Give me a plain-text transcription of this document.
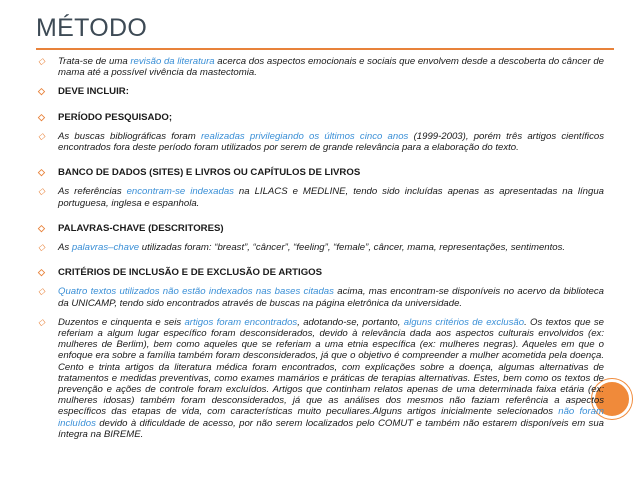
MÉTODO
◇ Trata-se de uma revisão da literatura acerca dos aspectos emocionais e sociais que envolvem desde a descoberta do câncer de mama até a possível vivência da mastectomia.
◇ DEVE INCLUIR:
◇ PERÍODO PESQUISADO;
◇ As buscas bibliográficas foram realizadas privilegiando os últimos cinco anos (1999-2003), porém três artigos científicos encontrados fora deste período foram utilizados por serem de grande relevância para a elaboração do texto.
◇ BANCO DE DADOS (SITES) E LIVROS OU CAPÍTULOS DE LIVROS
◇ As referências encontram-se indexadas na LILACS e MEDLINE, tendo sido incluídas apenas as apresentadas na língua portuguesa, inglesa e espanhola.
◇ PALAVRAS-CHAVE (DESCRITORES)
◇ As palavras–chave utilizadas foram: “breast”, “câncer”, “feeling”, “female”, câncer, mama, representações, sentimentos.
◇ CRITÉRIOS DE INCLUSÃO E DE EXCLUSÃO DE ARTIGOS
◇ Quatro textos utilizados não estão indexados nas bases citadas acima, mas encontram-se disponíveis no acervo da biblioteca da UNICAMP, tendo sido encontrados através de buscas na página eletrônica da universidade.
◇ Duzentos e cinquenta e seis artigos foram encontrados, adotando-se, portanto, alguns critérios de exclusão. Os textos que se referiam a algum lugar específico foram desconsiderados, devido à relevância dada aos aspectos culturais envolvidos (ex: mulheres de Berlim), bem como aqueles que se referiam a uma etnia específica (ex: mulheres negras). Aqueles em que o enfoque era sobre a família também foram desconsiderados, já que o objetivo é compreender a mulher acometida pela doença. Cento e trinta artigos da literatura médica foram encontrados, com explicações sobre a doença, algumas alternativas de tratamentos e medidas preventivas, como exames mamários e práticas de terapias alternativas. Estes, bem como os textos de prevenção e ações de controle foram excluídos. Artigos que continham relatos apenas de uma determinada faixa etária (ex: mulheres idosas) também foram desconsiderados, já que as análises dos mesmos não faziam referência a aspectos específicos das etapas de vida, com características muito peculiares.Alguns artigos inicialmente selecionados não foram incluídos devido à dificuldade de acesso, por não serem localizados pelo COMUT e também não estarem disponíveis em sua íntegra na BIREME.
